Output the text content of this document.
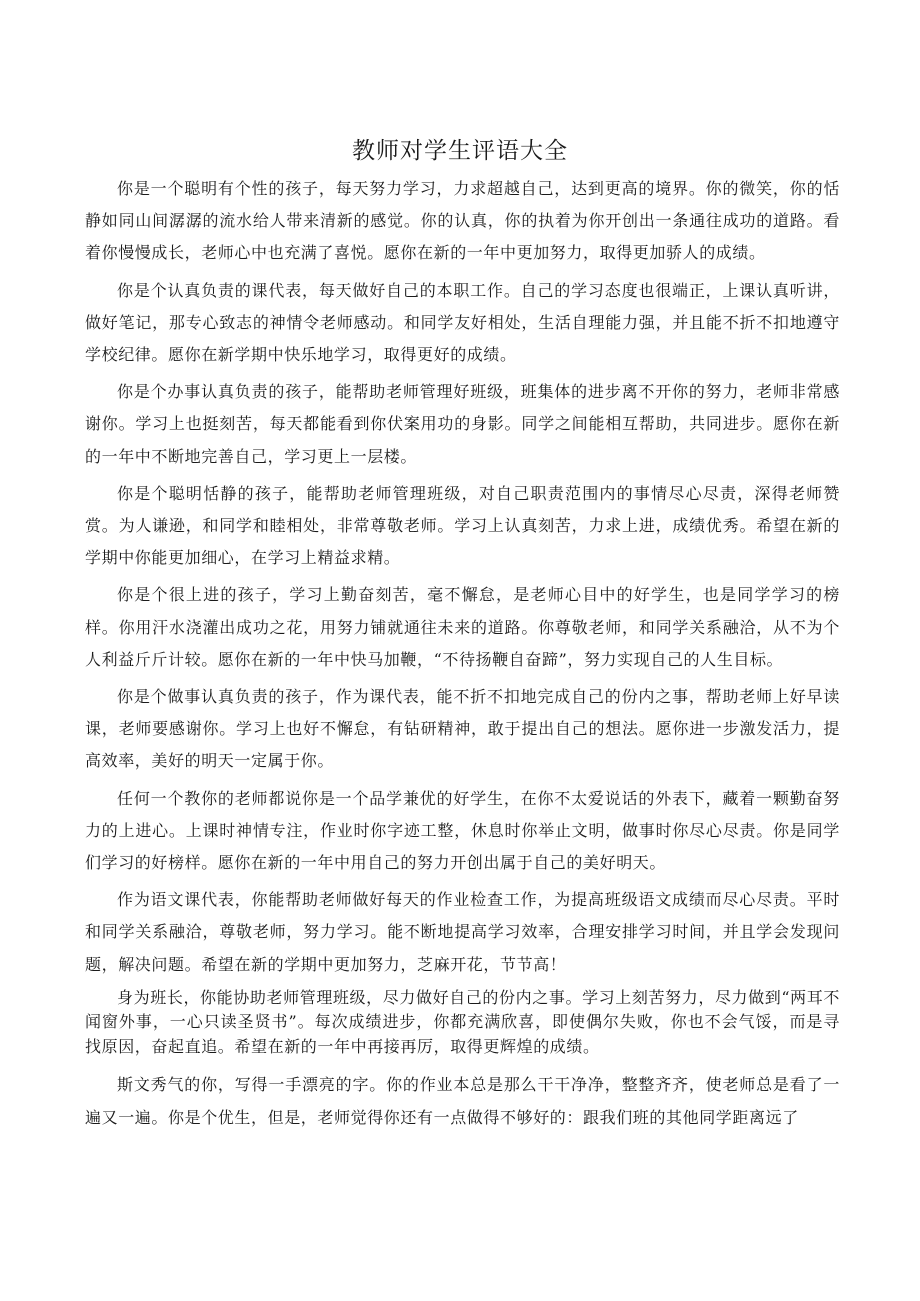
教师对学生评语大全

你是一个聪明有个性的孩子，每天努力学习，力求超越自己，达到更高的境界。你的微笑，你的恬静如同山间潺潺的流水给人带来清新的感觉。你的认真，你的执着为你开创出一条通往成功的道路。看着你慢慢成长，老师心中也充满了喜悦。愿你在新的一年中更加努力，取得更加骄人的成绩。

你是个认真负责的课代表，每天做好自己的本职工作。自己的学习态度也很端正，上课认真听讲，做好笔记，那专心致志的神情令老师感动。和同学友好相处，生活自理能力强，并且能不折不扣地遵守学校纪律。愿你在新学期中快乐地学习，取得更好的成绩。

你是个办事认真负责的孩子，能帮助老师管理好班级，班集体的进步离不开你的努力，老师非常感谢你。学习上也挺刻苦，每天都能看到你伏案用功的身影。同学之间能相互帮助，共同进步。愿你在新的一年中不断地完善自己，学习更上一层楼。

你是个聪明恬静的孩子，能帮助老师管理班级，对自己职责范围内的事情尽心尽责，深得老师赞赏。为人谦逊，和同学和睦相处，非常尊敬老师。学习上认真刻苦，力求上进，成绩优秀。希望在新的学期中你能更加细心，在学习上精益求精。

你是个很上进的孩子，学习上勤奋刻苦，毫不懈怠，是老师心目中的好学生，也是同学学习的榜样。你用汗水浇灌出成功之花，用努力铺就通往未来的道路。你尊敬老师，和同学关系融洽，从不为个人利益斤斤计较。愿你在新的一年中快马加鞭，“不待扬鞭自奋蹄”，努力实现自己的人生目标。

你是个做事认真负责的孩子，作为课代表，能不折不扣地完成自己的份内之事，帮助老师上好早读课，老师要感谢你。学习上也好不懈怠，有钻研精神，敢于提出自己的想法。愿你进一步激发活力，提高效率，美好的明天一定属于你。

任何一个教你的老师都说你是一个品学兼优的好学生，在你不太爱说话的外表下，藏着一颗勤奋努力的上进心。上课时神情专注，作业时你字迹工整，休息时你举止文明，做事时你尽心尽责。你是同学们学习的好榜样。愿你在新的一年中用自己的努力开创出属于自己的美好明天。

作为语文课代表，你能帮助老师做好每天的作业检查工作，为提高班级语文成绩而尽心尽责。平时和同学关系融洽，尊敬老师，努力学习。能不断地提高学习效率，合理安排学习时间，并且学会发现问题，解决问题。希望在新的学期中更加努力，芝麻开花，节节高！

身为班长，你能协助老师管理班级，尽力做好自己的份内之事。学习上刻苦努力，尽力做到“两耳不闻窗外事，一心只读圣贤书”。每次成绩进步，你都充满欣喜，即使偶尔失败，你也不会气馁，而是寻找原因，奋起直追。希望在新的一年中再接再厉，取得更辉煌的成绩。

斯文秀气的你，写得一手漂亮的字。你的作业本总是那么干干净净，整整齐齐，使老师总是看了一遍又一遍。你是个优生，但是，老师觉得你还有一点做得不够好的：跟我们班的其他同学距离远了
